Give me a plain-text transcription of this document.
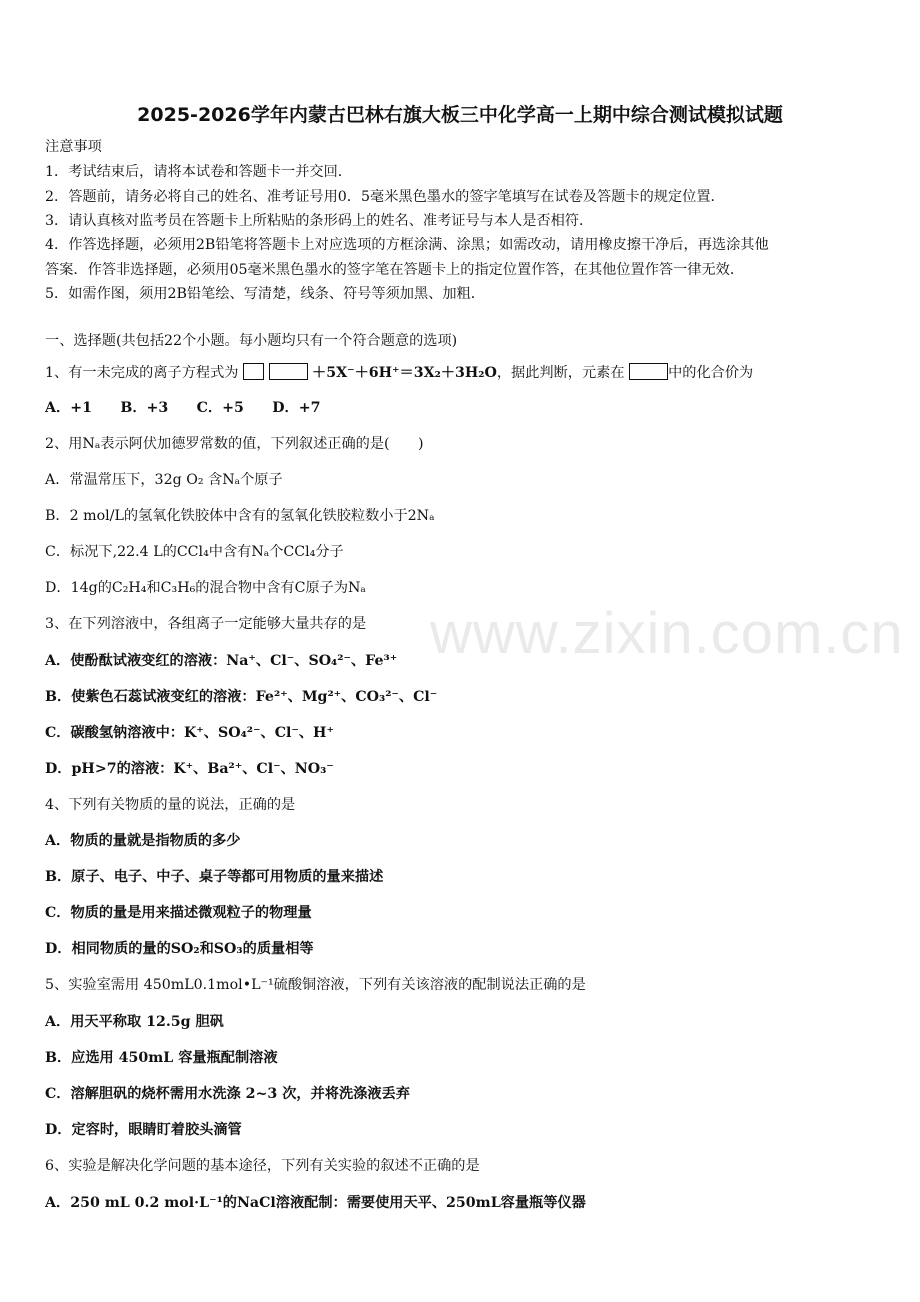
2025-2026学年内蒙古巴林右旗大板三中化学高一上期中综合测试模拟试题
注意事项
1．考试结束后，请将本试卷和答题卡一并交回．
2．答题前，请务必将自己的姓名、准考证号用0．5毫米黑色墨水的签字笔填写在试卷及答题卡的规定位置．
3．请认真核对监考员在答题卡上所粘贴的条形码上的姓名、准考证号与本人是否相符．
4．作答选择题，必须用2B铅笔将答题卡上对应选项的方框涂满、涂黑；如需改动，请用橡皮擦干净后，再选涂其他
答案．作答非选择题，必须用05毫米黑色墨水的签字笔在答题卡上的指定位置作答，在其他位置作答一律无效．
5．如需作图，须用2B铅笔绘、写清楚，线条、符号等须加黑、加粗．
一、选择题(共包括22个小题。每小题均只有一个符合题意的选项)
1、有一未完成的离子方程式为	＋5X⁻＋6H⁺＝3X₂＋3H₂O，据此判断，元素在	中的化合价为
A．+1　　B．+3　　C．+5　　D．+7
2、用Nₐ表示阿伏加德罗常数的值，下列叙述正确的是(　　)
A．常温常压下，32g O₂ 含Nₐ个原子
B．2 mol/L的氢氧化铁胶体中含有的氢氧化铁胶粒数小于2Nₐ
C．标况下,22.4 L的CCl₄中含有Nₐ个CCl₄分子
D．14g的C₂H₄和C₃H₆的混合物中含有C原子为Nₐ
3、在下列溶液中，各组离子一定能够大量共存的是
A．使酚酞试液变红的溶液：Na⁺、Cl⁻、SO₄²⁻、Fe³⁺
B．使紫色石蕊试液变红的溶液：Fe²⁺、Mg²⁺、CO₃²⁻、Cl⁻
C．碳酸氢钠溶液中：K⁺、SO₄²⁻、Cl⁻、H⁺
D．pH>7的溶液：K⁺、Ba²⁺、Cl⁻、NO₃⁻
4、下列有关物质的量的说法，正确的是
A．物质的量就是指物质的多少
B．原子、电子、中子、桌子等都可用物质的量来描述
C．物质的量是用来描述微观粒子的物理量
D．相同物质的量的SO₂和SO₃的质量相等
5、实验室需用 450mL0.1mol•L⁻¹硫酸铜溶液，下列有关该溶液的配制说法正确的是
A．用天平称取 12.5g 胆矾
B．应选用 450mL 容量瓶配制溶液
C．溶解胆矾的烧杯需用水洗涤 2~3 次，并将洗涤液丢弃
D．定容时，眼睛盯着胶头滴管
6、实验是解决化学问题的基本途径，下列有关实验的叙述不正确的是
A．250 mL 0.2 mol·L⁻¹的NaCl溶液配制：需要使用天平、250mL容量瓶等仪器
www.zixin.com.cn
